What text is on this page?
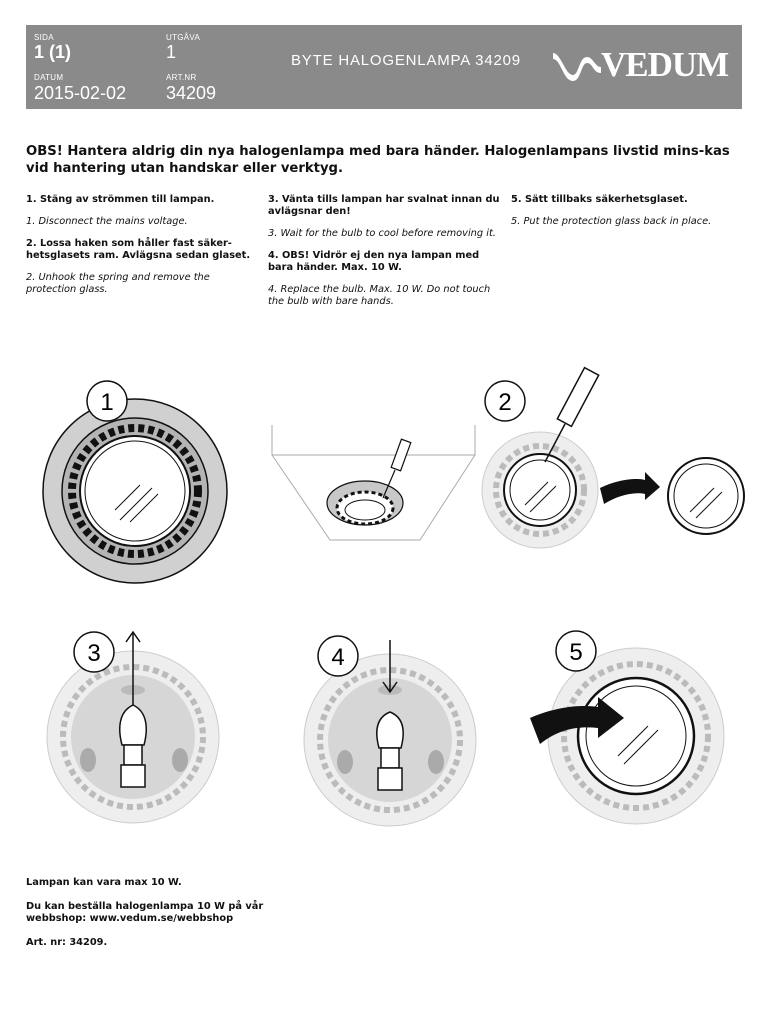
SIDA
1 (1)
UTGÅVA
1
DATUM
2015-02-02
ART.NR
34209
BYTE HALOGENLAMPA 34209 VEDUM
OBS! Hantera aldrig din nya halogenlampa med bara händer. Halogenlampans livstid mins-kas vid hantering utan handskar eller verktyg.

1. Stäng av strömmen till lampan.

1. Disconnect the mains voltage.

2. Lossa haken som håller fast säker-hetsglasets ram. Avlägsna sedan glaset.

2. Unhook the spring and remove the protection glass.

3. Vänta tills lampan har svalnat innan du avlägsnar den!

3. Wait for the bulb to cool before removing it.

4. OBS! Vidrör ej den nya lampan med bara händer. Max. 10 W.

4. Replace the bulb. Max. 10 W. Do not touch the bulb with bare hands.

5. Sätt tillbaks säkerhetsglaset.

5. Put the protection glass back in place.

1	2
3	4	5

Lampan kan vara max 10 W.

Du kan beställa halogenlampa 10 W på vår webbshop: www.vedum.se/webbshop

Art. nr: 34209.
